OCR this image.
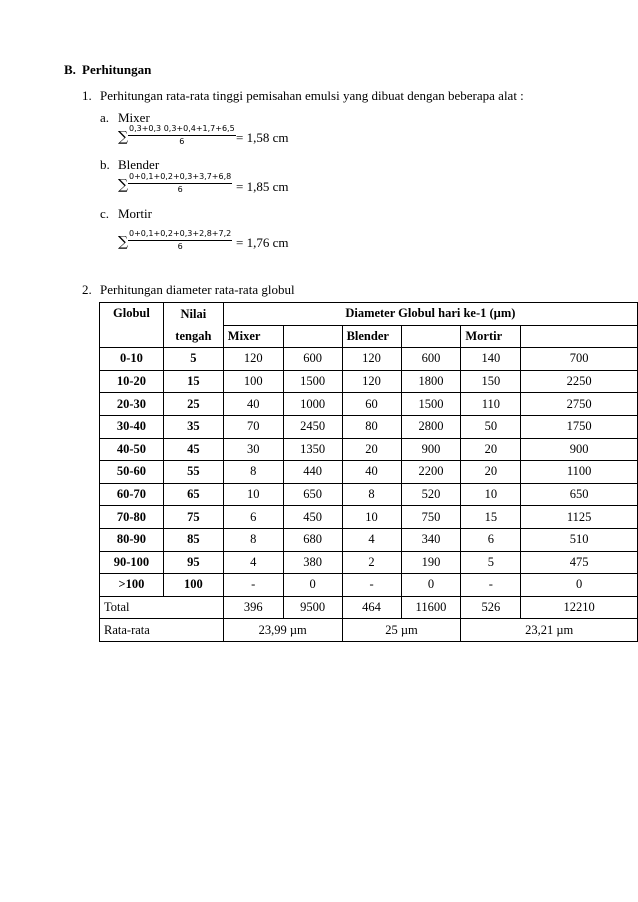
B. Perhitungan
1. Perhitungan rata-rata tinggi pemisahan emulsi yang dibuat dengan beberapa alat :
a. Mixer
∑ $\frac{0,3+0,3 0,3+0,4+1,7+6,5}{6} = 1,58$ cm
b. Blender
∑ $\frac{0+0,1+0,2+0,3+3,7+6,8}{6} = 1,85$ cm
c. Mortir
∑ $\frac{0+0,1+0,2+0,3+2,8+7,2}{6} = 1,76$ cm
2. Perhitungan diameter rata-rata globul
Globul	Nilai	Diameter Globul hari ke-1 (µm)					
	tengah	Mixer		Blender		Mortir	
0-10	5	120	600	120	600	140	700
10-20	15	100	1500	120	1800	150	2250
20-30	25	40	1000	60	1500	110	2750
30-40	35	70	2450	80	2800	50	1750
40-50	45	30	1350	20	900	20	900
50-60	55	8	440	40	2200	20	1100
60-70	65	10	650	8	520	10	650
70-80	75	6	450	10	750	15	1125
80-90	85	8	680	4	340	6	510
90-100	95	4	380	2	190	5	475
>100	100	-	0	-	0	-	0
Total		396	9500	464	11600	526	12210
Rata-rata		23,99 µm		25 µm		23,21 µm	
